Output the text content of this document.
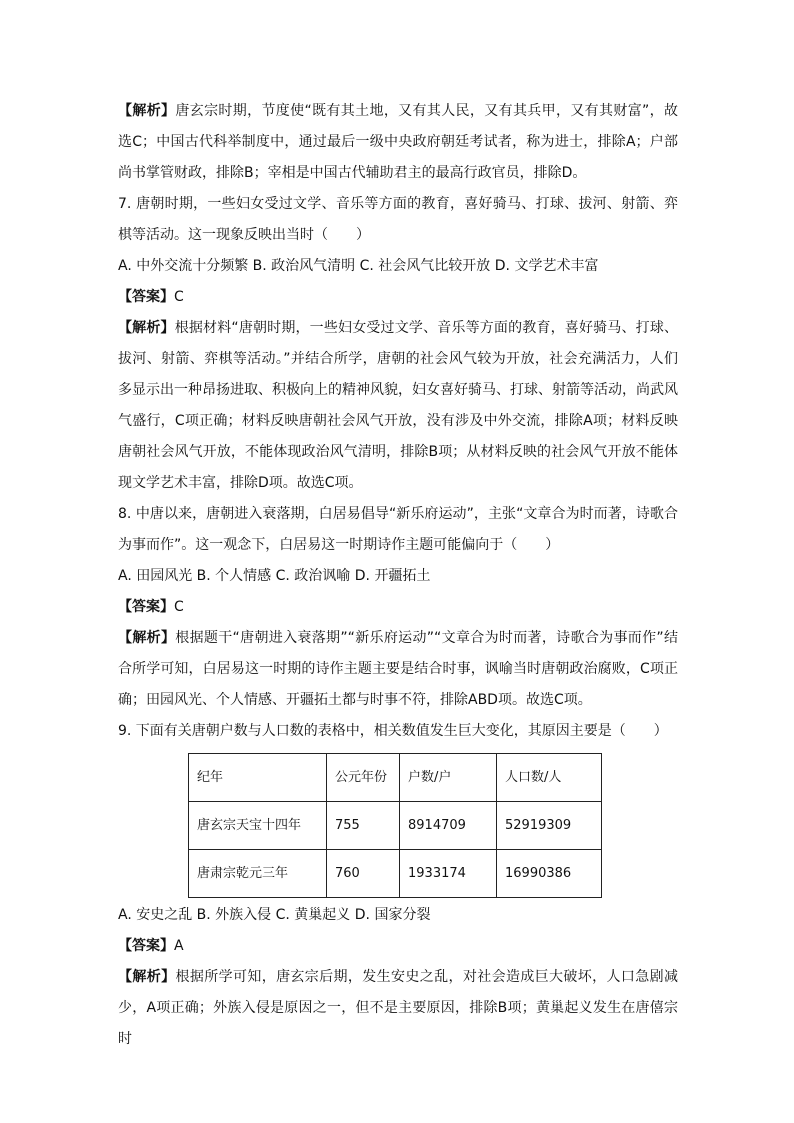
【解析】唐玄宗时期，节度使“既有其土地，又有其人民，又有其兵甲，又有其财富”，故选C；中国古代科举制度中，通过最后一级中央政府朝廷考试者，称为进士，排除A；户部尚书掌管财政，排除B；宰相是中国古代辅助君主的最高行政官员，排除D。

7. 唐朝时期，一些妇女受过文学、音乐等方面的教育，喜好骑马、打球、拔河、射箭、弈棋等活动。这一现象反映出当时（　　）

A. 中外交流十分频繁 B. 政治风气清明 C. 社会风气比较开放 D. 文学艺术丰富

【答案】C

【解析】根据材料“唐朝时期，一些妇女受过文学、音乐等方面的教育，喜好骑马、打球、拔河、射箭、弈棋等活动。”并结合所学，唐朝的社会风气较为开放，社会充满活力，人们多显示出一种昂扬进取、积极向上的精神风貌，妇女喜好骑马、打球、射箭等活动，尚武风气盛行，C项正确；材料反映唐朝社会风气开放，没有涉及中外交流，排除A项；材料反映唐朝社会风气开放，不能体现政治风气清明，排除B项；从材料反映的社会风气开放不能体现文学艺术丰富，排除D项。故选C项。

8. 中唐以来，唐朝进入衰落期，白居易倡导“新乐府运动”，主张“文章合为时而著，诗歌合为事而作”。这一观念下，白居易这一时期诗作主题可能偏向于（　　）

A. 田园风光 B. 个人情感 C. 政治讽喻 D. 开疆拓土

【答案】C

【解析】根据题干“唐朝进入衰落期”“新乐府运动”“文章合为时而著，诗歌合为事而作”结合所学可知，白居易这一时期的诗作主题主要是结合时事，讽喻当时唐朝政治腐败，C项正确；田园风光、个人情感、开疆拓土都与时事不符，排除ABD项。故选C项。

9. 下面有关唐朝户数与人口数的表格中，相关数值发生巨大变化，其原因主要是（　　）

纪年	公元年份	户数/户	人口数/人
唐玄宗天宝十四年	755	8914709	52919309
唐肃宗乾元三年	760	1933174	16990386

A. 安史之乱 B. 外族入侵 C. 黄巢起义 D. 国家分裂

【答案】A

【解析】根据所学可知，唐玄宗后期，发生安史之乱，对社会造成巨大破坏，人口急剧减少，A项正确；外族入侵是原因之一，但不是主要原因，排除B项；黄巢起义发生在唐僖宗时
